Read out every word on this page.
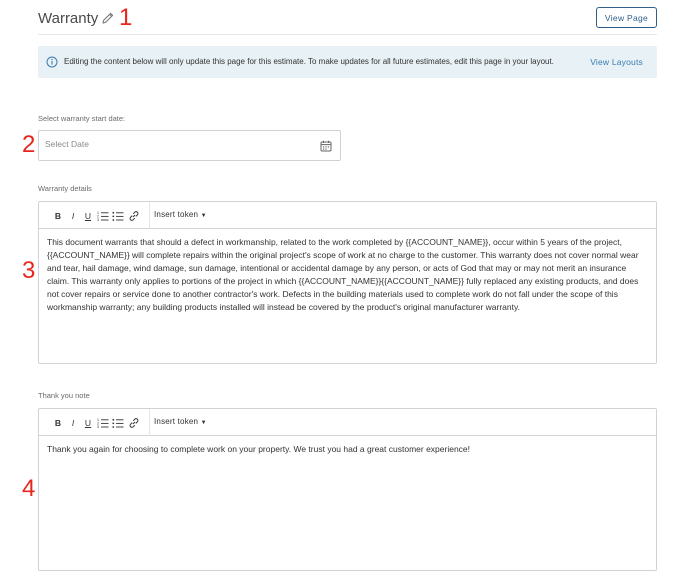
Warranty	View Page
1
Editing the content below will only update this page for this estimate. To make updates for all future estimates, edit this page in your layout.	View Layouts
Select warranty start date:
2
Select Date
Warranty details
3
B	I	U	1
2
3
Insert token ▼
This document warrants that should a defect in workmanship, related to the work completed by {{ACCOUNT_NAME}}, occur within 5 years of the project, {{ACCOUNT_NAME}} will complete repairs within the original project's scope of work at no charge to the customer. This warranty does not cover normal wear and tear, hail damage, wind damage, sun damage, intentional or accidental damage by any person, or acts of God that may or may not merit an insurance claim. This warranty only applies to portions of the project in which {{ACCOUNT_NAME}}{{ACCOUNT_NAME}} fully replaced any existing products, and does not cover repairs or service done to another contractor's work. Defects in the building materials used to complete work do not fall under the scope of this workmanship warranty; any building products installed will instead be covered by the product's original manufacturer warranty.
Thank you note
4
B	I	U	1
2
3
Insert token ▼
Thank you again for choosing to complete work on your property. We trust you had a great customer experience!
